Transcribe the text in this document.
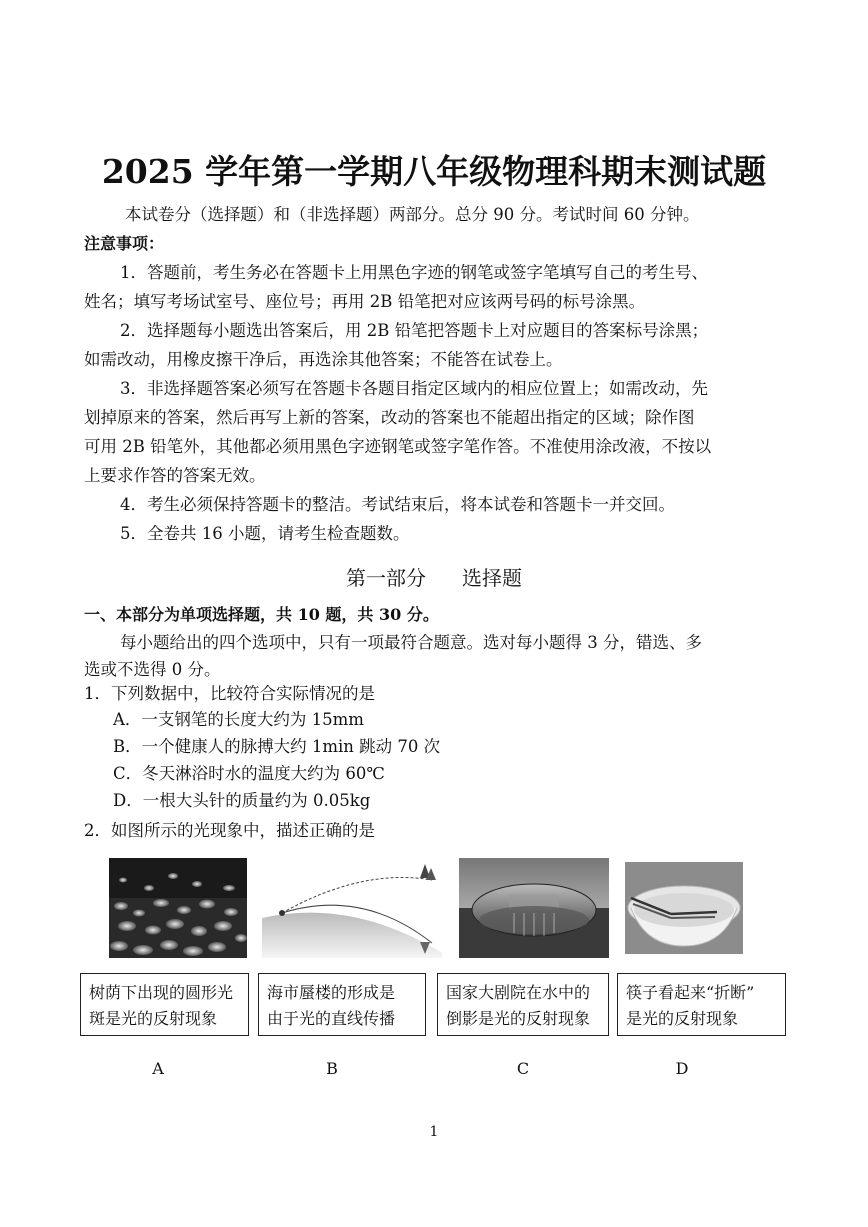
2025 学年第一学期八年级物理科期末测试题
本试卷分（选择题）和（非选择题）两部分。总分 90 分。考试时间 60 分钟。
注意事项：
1．答题前，考生务必在答题卡上用黑色字迹的钢笔或签字笔填写自己的考生号、
姓名；填写考场试室号、座位号；再用 2B 铅笔把对应该两号码的标号涂黑。
2．选择题每小题选出答案后，用 2B 铅笔把答题卡上对应题目的答案标号涂黑；
如需改动，用橡皮擦干净后，再选涂其他答案；不能答在试卷上。
3．非选择题答案必须写在答题卡各题目指定区域内的相应位置上；如需改动，先
划掉原来的答案，然后再写上新的答案，改动的答案也不能超出指定的区域；除作图
可用 2B 铅笔外，其他都必须用黑色字迹钢笔或签字笔作答。不准使用涂改液，不按以
上要求作答的答案无效。
4．考生必须保持答题卡的整洁。考试结束后，将本试卷和答题卡一并交回。
5．全卷共 16 小题，请考生检查题数。
第一部分 选择题
一、本部分为单项选择题，共 10 题，共 30 分。
每小题给出的四个选项中，只有一项最符合题意。选对每小题得 3 分，错选、多
选或不选得 0 分。
1．下列数据中，比较符合实际情况的是
A．一支钢笔的长度大约为 15mm
B．一个健康人的脉搏大约 1min 跳动 70 次
C．冬天淋浴时水的温度大约为 60℃
D．一根大头针的质量约为 0.05kg
2．如图所示的光现象中，描述正确的是
树荫下出现的圆形光
斑是光的反射现象
海市蜃楼的形成是
由于光的直线传播
国家大剧院在水中的
倒影是光的反射现象
筷子看起来“折断”
是光的反射现象
A	B	C	D
1
